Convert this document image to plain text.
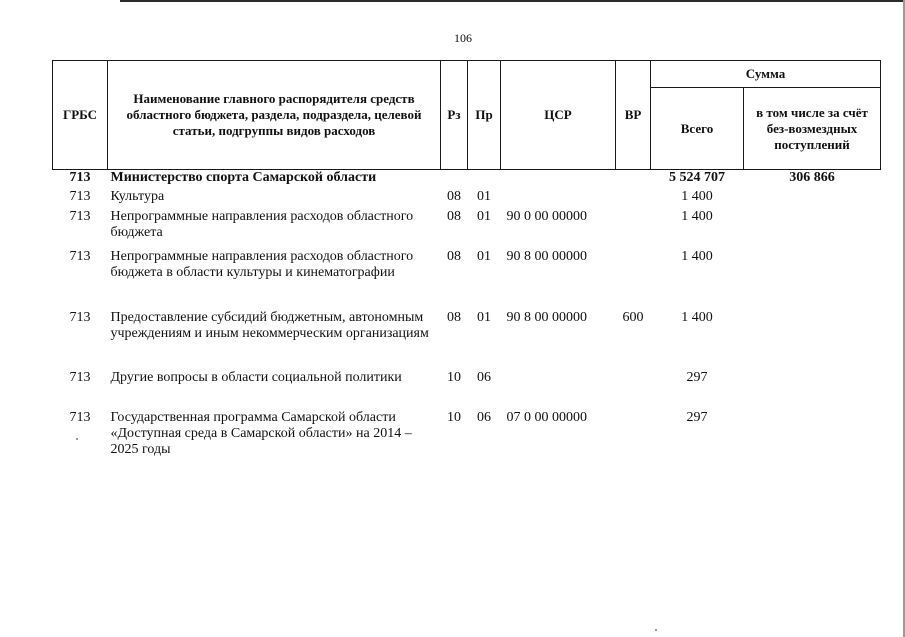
106
ГРБС	Наименование главного распорядителя средств областного бюджета, раздела, подраздела, целевой статьи, подгруппы видов расходов	Рз	Пр	ЦСР	ВР	Сумма	
						Всего	в том числе за счёт без-возмездных поступлений
713	Министерство спорта Самарской области					5 524 707	306 866
713	Культура	08	01			1 400	
713	Непрограммные направления расходов областного бюджета	08	01	90 0 00 00000		1 400	
713	Непрограммные направления расходов областного бюджета в области культуры и кинематографии	08	01	90 8 00 00000		1 400	
713	Предоставление субсидий бюджетным, автономным учреждениям и иным некоммерческим организациям	08	01	90 8 00 00000	600	1 400	
713	Другие вопросы в области социальной политики	10	06			297	
713	Государственная программа Самарской области «Доступная среда в Самарской области» на 2014 – 2025 годы	10	06	07 0 00 00000		297	
